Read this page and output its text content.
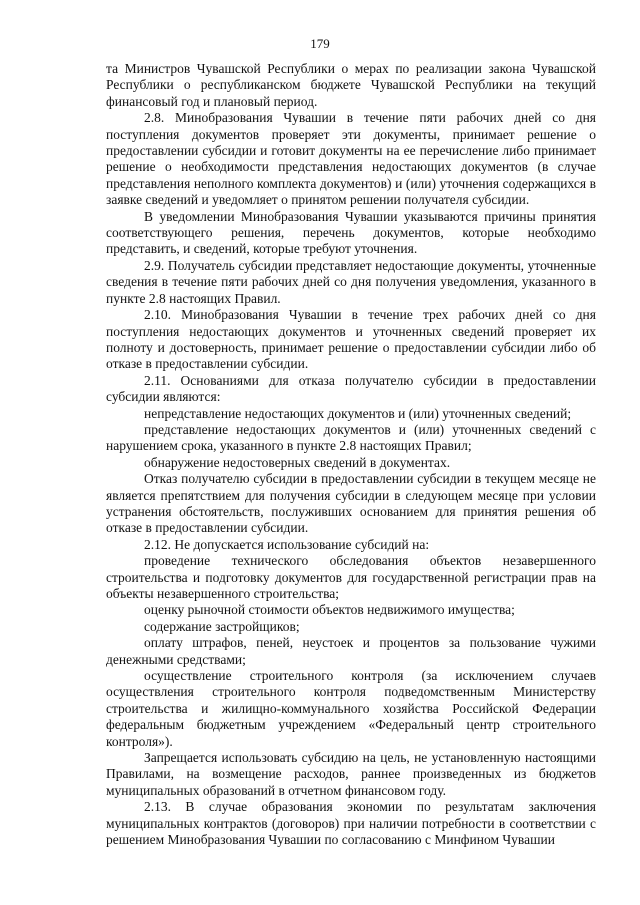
179

та Министров Чувашской Республики о мерах по реализации закона Чувашской Республики о республиканском бюджете Чувашской Республики на текущий финансовый год и плановый период.

2.8. Минобразования Чувашии в течение пяти рабочих дней со дня поступления документов проверяет эти документы, принимает решение о предоставлении субсидии и готовит документы на ее перечисление либо принимает решение о необходимости представления недостающих документов (в случае представления неполного комплекта документов) и (или) уточнения содержащихся в заявке сведений и уведомляет о принятом решении получателя субсидии.

В уведомлении Минобразования Чувашии указываются причины принятия соответствующего решения, перечень документов, которые необходимо представить, и сведений, которые требуют уточнения.

2.9. Получатель субсидии представляет недостающие документы, уточненные сведения в течение пяти рабочих дней со дня получения уведомления, указанного в пункте 2.8 настоящих Правил.

2.10. Минобразования Чувашии в течение трех рабочих дней со дня поступления недостающих документов и уточненных сведений проверяет их полноту и достоверность, принимает решение о предоставлении субсидии либо об отказе в предоставлении субсидии.

2.11. Основаниями для отказа получателю субсидии в предоставлении субсидии являются:

непредставление недостающих документов и (или) уточненных сведений;

представление недостающих документов и (или) уточненных сведений с нарушением срока, указанного в пункте 2.8 настоящих Правил;

обнаружение недостоверных сведений в документах.

Отказ получателю субсидии в предоставлении субсидии в текущем месяце не является препятствием для получения субсидии в следующем месяце при условии устранения обстоятельств, послуживших основанием для принятия решения об отказе в предоставлении субсидии.

2.12. Не допускается использование субсидий на:

проведение технического обследования объектов незавершенного строительства и подготовку документов для государственной регистрации прав на объекты незавершенного строительства;

оценку рыночной стоимости объектов недвижимого имущества;

содержание застройщиков;

оплату штрафов, пеней, неустоек и процентов за пользование чужими денежными средствами;

осуществление строительного контроля (за исключением случаев осуществления строительного контроля подведомственным Министерству строительства и жилищно-коммунального хозяйства Российской Федерации федеральным бюджетным учреждением «Федеральный центр строительного контроля»).

Запрещается использовать субсидию на цель, не установленную настоящими Правилами, на возмещение расходов, раннее произведенных из бюджетов муниципальных образований в отчетном финансовом году.

2.13. В случае образования экономии по результатам заключения муниципальных контрактов (договоров) при наличии потребности в соответствии с решением Минобразования Чувашии по согласованию с Минфином Чувашии
